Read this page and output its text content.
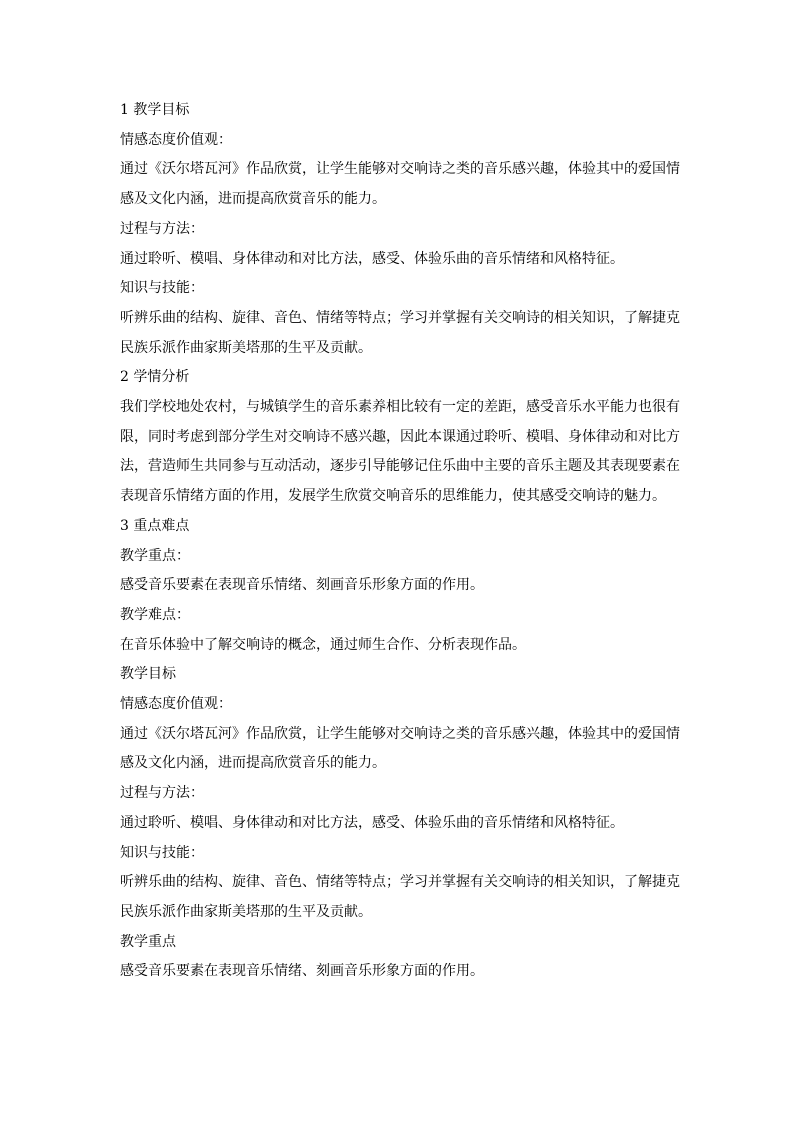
1 教学目标
情感态度价值观：
通过《沃尔塔瓦河》作品欣赏，让学生能够对交响诗之类的音乐感兴趣，体验其中的爱国情
感及文化内涵，进而提高欣赏音乐的能力。
过程与方法：
通过聆听、模唱、身体律动和对比方法，感受、体验乐曲的音乐情绪和风格特征。
知识与技能：
听辨乐曲的结构、旋律、音色、情绪等特点；学习并掌握有关交响诗的相关知识，了解捷克
民族乐派作曲家斯美塔那的生平及贡献。
2 学情分析
我们学校地处农村，与城镇学生的音乐素养相比较有一定的差距，感受音乐水平能力也很有
限，同时考虑到部分学生对交响诗不感兴趣，因此本课通过聆听、模唱、身体律动和对比方
法，营造师生共同参与互动活动，逐步引导能够记住乐曲中主要的音乐主题及其表现要素在
表现音乐情绪方面的作用，发展学生欣赏交响音乐的思维能力，使其感受交响诗的魅力。
3 重点难点
教学重点：
感受音乐要素在表现音乐情绪、刻画音乐形象方面的作用。
教学难点：
在音乐体验中了解交响诗的概念，通过师生合作、分析表现作品。
教学目标
情感态度价值观：
通过《沃尔塔瓦河》作品欣赏，让学生能够对交响诗之类的音乐感兴趣，体验其中的爱国情
感及文化内涵，进而提高欣赏音乐的能力。
过程与方法：
通过聆听、模唱、身体律动和对比方法，感受、体验乐曲的音乐情绪和风格特征。
知识与技能：
听辨乐曲的结构、旋律、音色、情绪等特点；学习并掌握有关交响诗的相关知识，了解捷克
民族乐派作曲家斯美塔那的生平及贡献。
教学重点
感受音乐要素在表现音乐情绪、刻画音乐形象方面的作用。
